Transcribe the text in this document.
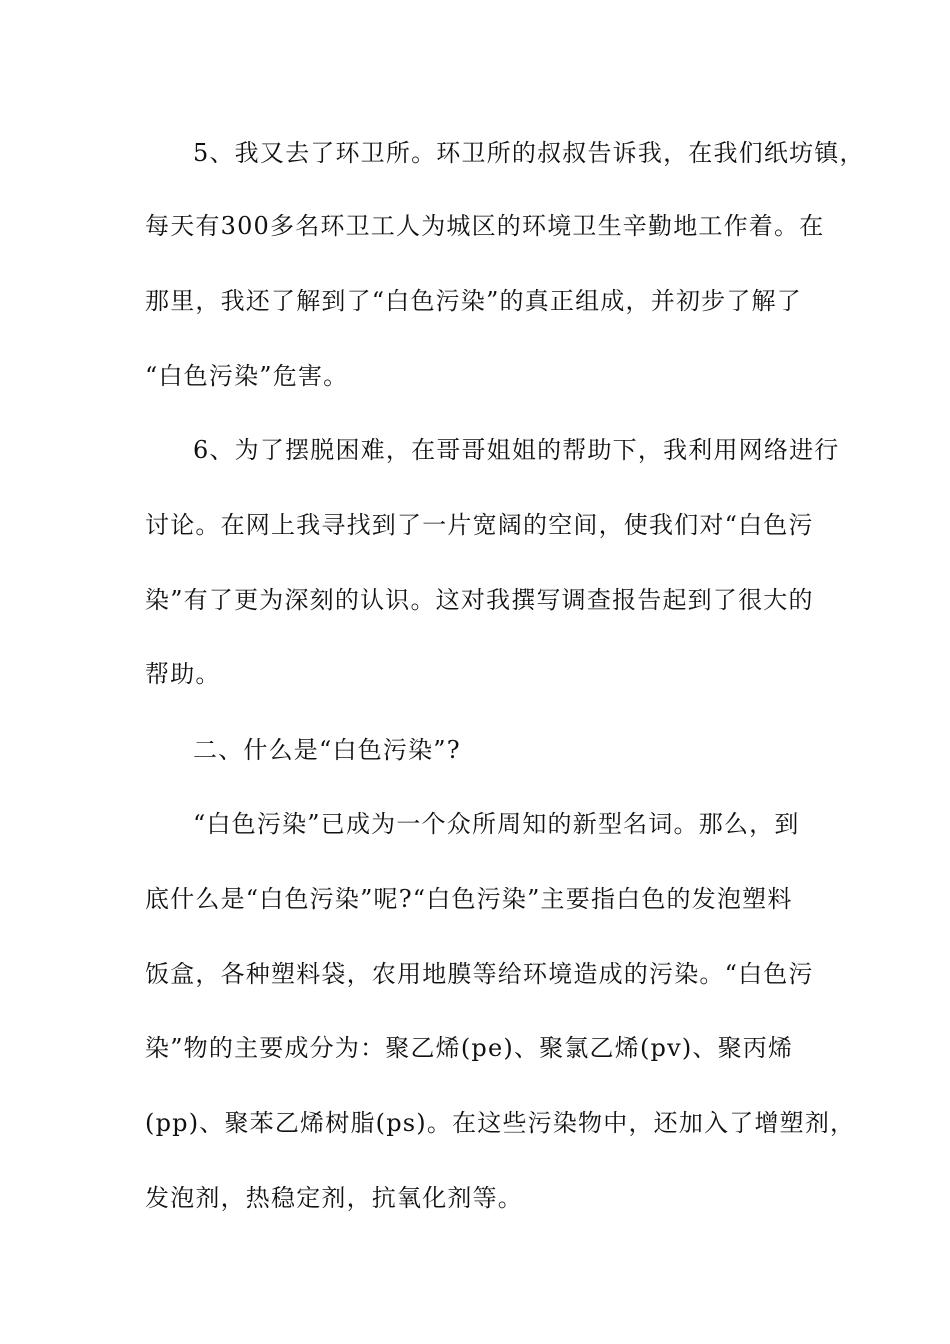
5、我又去了环卫所。环卫所的叔叔告诉我，在我们纸坊镇，
每天有300多名环卫工人为城区的环境卫生辛勤地工作着。在
那里，我还了解到了“白色污染”的真正组成，并初步了解了
“白色污染”危害。
6、为了摆脱困难，在哥哥姐姐的帮助下，我利用网络进行
讨论。在网上我寻找到了一片宽阔的空间，使我们对“白色污
染”有了更为深刻的认识。这对我撰写调查报告起到了很大的
帮助。
二、什么是“白色污染”?
“白色污染”已成为一个众所周知的新型名词。那么，到
底什么是“白色污染”呢?“白色污染”主要指白色的发泡塑料
饭盒，各种塑料袋，农用地膜等给环境造成的污染。“白色污
染”物的主要成分为：聚乙烯(pe)、聚氯乙烯(pv)、聚丙烯
(pp)、聚苯乙烯树脂(ps)。在这些污染物中，还加入了增塑剂，
发泡剂，热稳定剂，抗氧化剂等。
